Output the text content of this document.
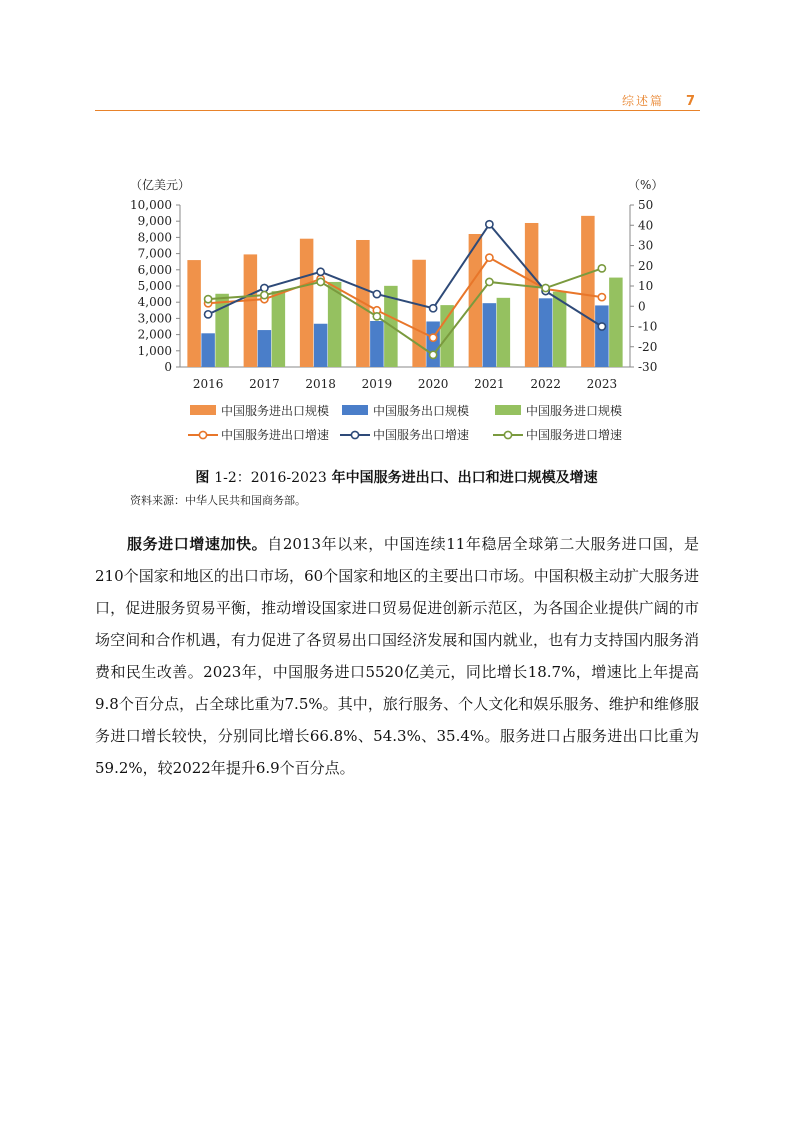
综述篇 7
0
1,000
2,000
3,000
4,000
5,000
6,000
7,000
8,000
9,000
10,000
-30
-20
-10
0
10
20
30
40
50
（亿美元）	（%）
2016 2017 2018 2019 2020 2021 2022 2023
中国服务进出口规模	中国服务出口规模	中国服务进口规模
中国服务进出口增速	中国服务出口增速	中国服务进口增速
图 1-2：2016-2023 年中国服务进出口、出口和进口规模及增速
资料来源：中华人民共和国商务部。

服务进口增速加快。自2013年以来，中国连续11年稳居全球第二大服务进口国，是210个国家和地区的出口市场，60个国家和地区的主要出口市场。中国积极主动扩大服务进口，促进服务贸易平衡，推动增设国家进口贸易促进创新示范区，为各国企业提供广阔的市场空间和合作机遇，有力促进了各贸易出口国经济发展和国内就业，也有力支持国内服务消费和民生改善。2023年，中国服务进口5520亿美元，同比增长18.7%，增速比上年提高9.8个百分点，占全球比重为7.5%。其中，旅行服务、个人文化和娱乐服务、维护和维修服务进口增长较快，分别同比增长66.8%、54.3%、35.4%。服务进口占服务进出口比重为59.2%，较2022年提升6.9个百分点。
